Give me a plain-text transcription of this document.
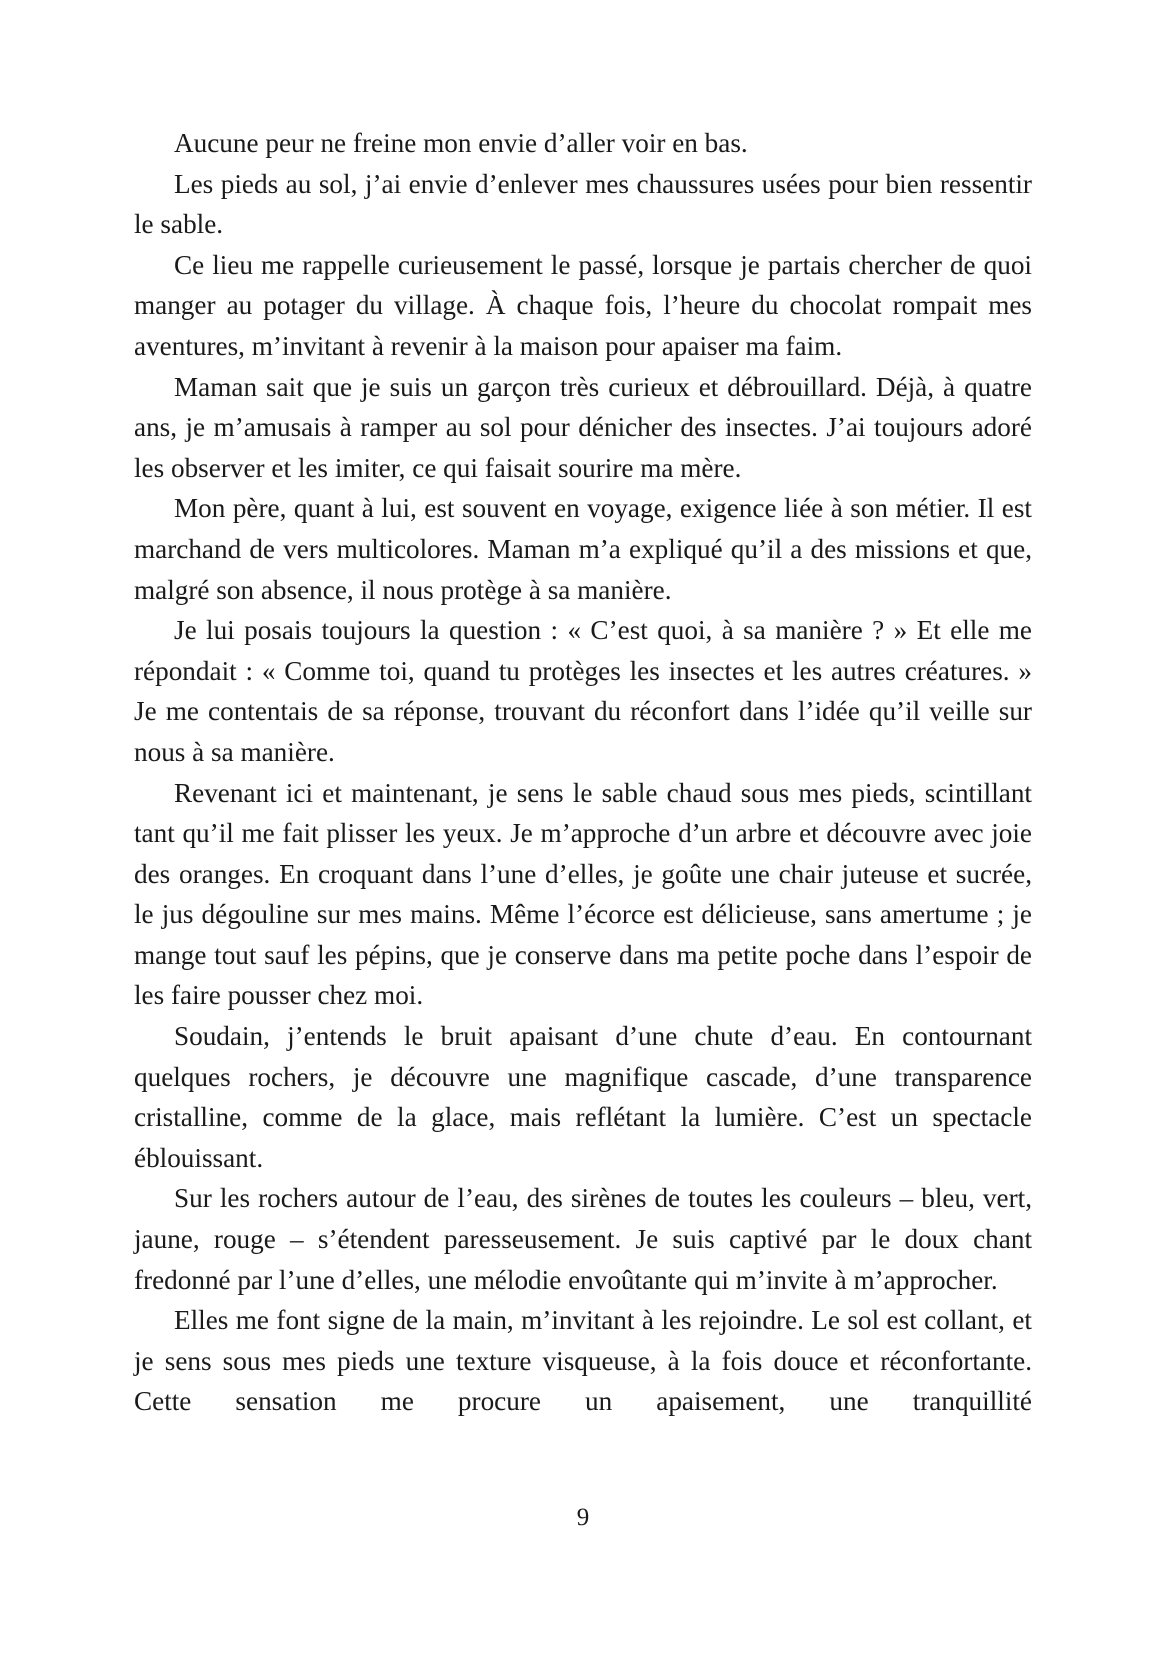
Aucune peur ne freine mon envie d’aller voir en bas.

Les pieds au sol, j’ai envie d’enlever mes chaussures usées pour bien ressentir le sable.

Ce lieu me rappelle curieusement le passé, lorsque je partais chercher de quoi manger au potager du village. À chaque fois, l’heure du chocolat rompait mes aventures, m’invitant à revenir à la maison pour apaiser ma faim.

Maman sait que je suis un garçon très curieux et débrouillard. Déjà, à quatre ans, je m’amusais à ramper au sol pour dénicher des insectes. J’ai toujours adoré les observer et les imiter, ce qui faisait sourire ma mère.

Mon père, quant à lui, est souvent en voyage, exigence liée à son métier. Il est marchand de vers multicolores. Maman m’a expliqué qu’il a des missions et que, malgré son absence, il nous protège à sa manière.

Je lui posais toujours la question : « C’est quoi, à sa manière ? » Et elle me répondait : « Comme toi, quand tu protèges les insectes et les autres créatures. » Je me contentais de sa réponse, trouvant du réconfort dans l’idée qu’il veille sur nous à sa manière.

Revenant ici et maintenant, je sens le sable chaud sous mes pieds, scintillant tant qu’il me fait plisser les yeux. Je m’approche d’un arbre et découvre avec joie des oranges. En croquant dans l’une d’elles, je goûte une chair juteuse et sucrée, le jus dégouline sur mes mains. Même l’écorce est délicieuse, sans amertume ; je mange tout sauf les pépins, que je conserve dans ma petite poche dans l’espoir de les faire pousser chez moi.

Soudain, j’entends le bruit apaisant d’une chute d’eau. En contournant quelques rochers, je découvre une magnifique cascade, d’une transparence cristalline, comme de la glace, mais reflétant la lumière. C’est un spectacle éblouissant.

Sur les rochers autour de l’eau, des sirènes de toutes les couleurs – bleu, vert, jaune, rouge – s’étendent paresseusement. Je suis captivé par le doux chant fredonné par l’une d’elles, une mélodie envoûtante qui m’invite à m’approcher.

Elles me font signe de la main, m’invitant à les rejoindre. Le sol est collant, et je sens sous mes pieds une texture visqueuse, à la fois douce et réconfortante. Cette sensation me procure un apaisement, une tranquillité

9
